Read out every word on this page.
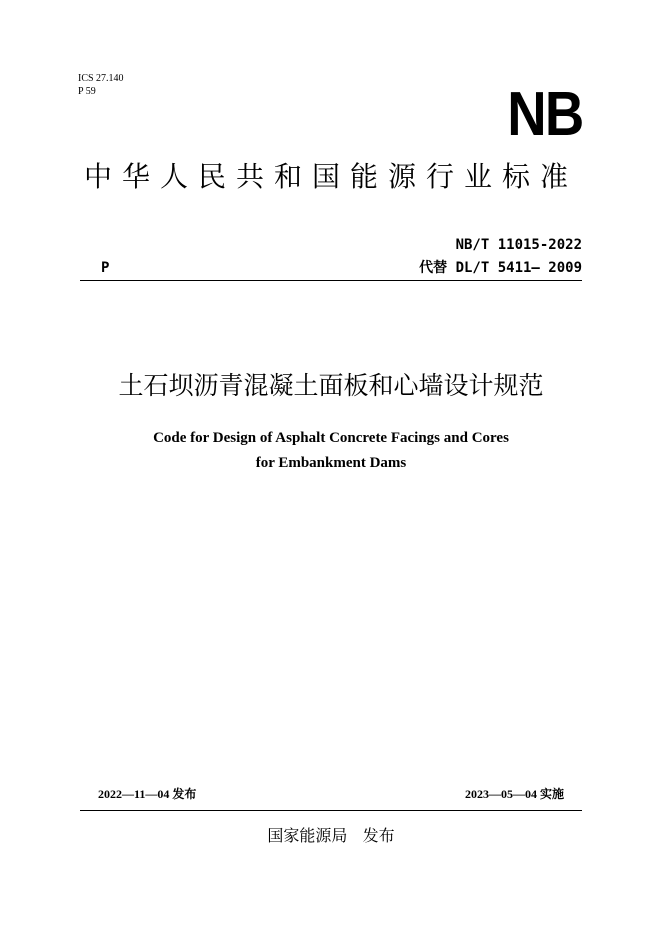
ICS 27.140
P 59	NB
中华人民共和国能源行业标准
NB/T 11015-2022
P	代替 DL/T 5411— 2009
土石坝沥青混凝土面板和心墙设计规范
Code for Design of Asphalt Concrete Facings and Cores
for Embankment Dams
2022—11—04 发布	2023—05—04 实施
国家能源局   发布
